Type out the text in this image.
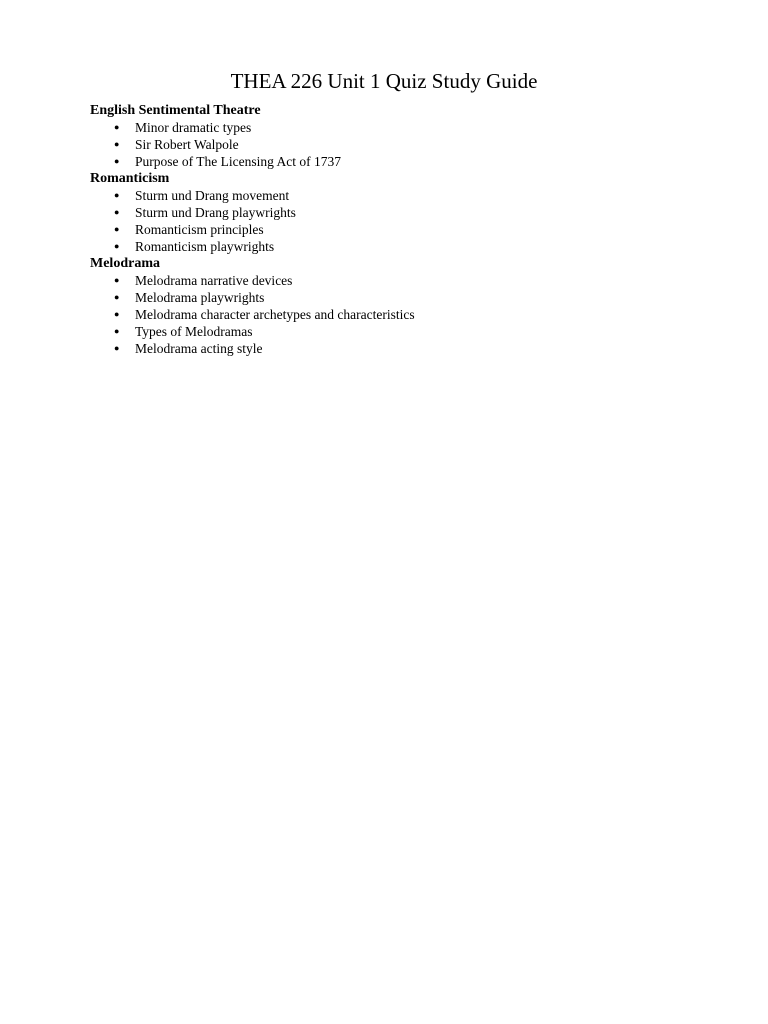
THEA 226 Unit 1 Quiz Study Guide

English Sentimental Theatre

● Minor dramatic types
● Sir Robert Walpole
● Purpose of The Licensing Act of 1737

Romanticism

● Sturm und Drang movement
● Sturm und Drang playwrights
● Romanticism principles
● Romanticism playwrights

Melodrama

● Melodrama narrative devices
● Melodrama playwrights
● Melodrama character archetypes and characteristics
● Types of Melodramas
● Melodrama acting style
